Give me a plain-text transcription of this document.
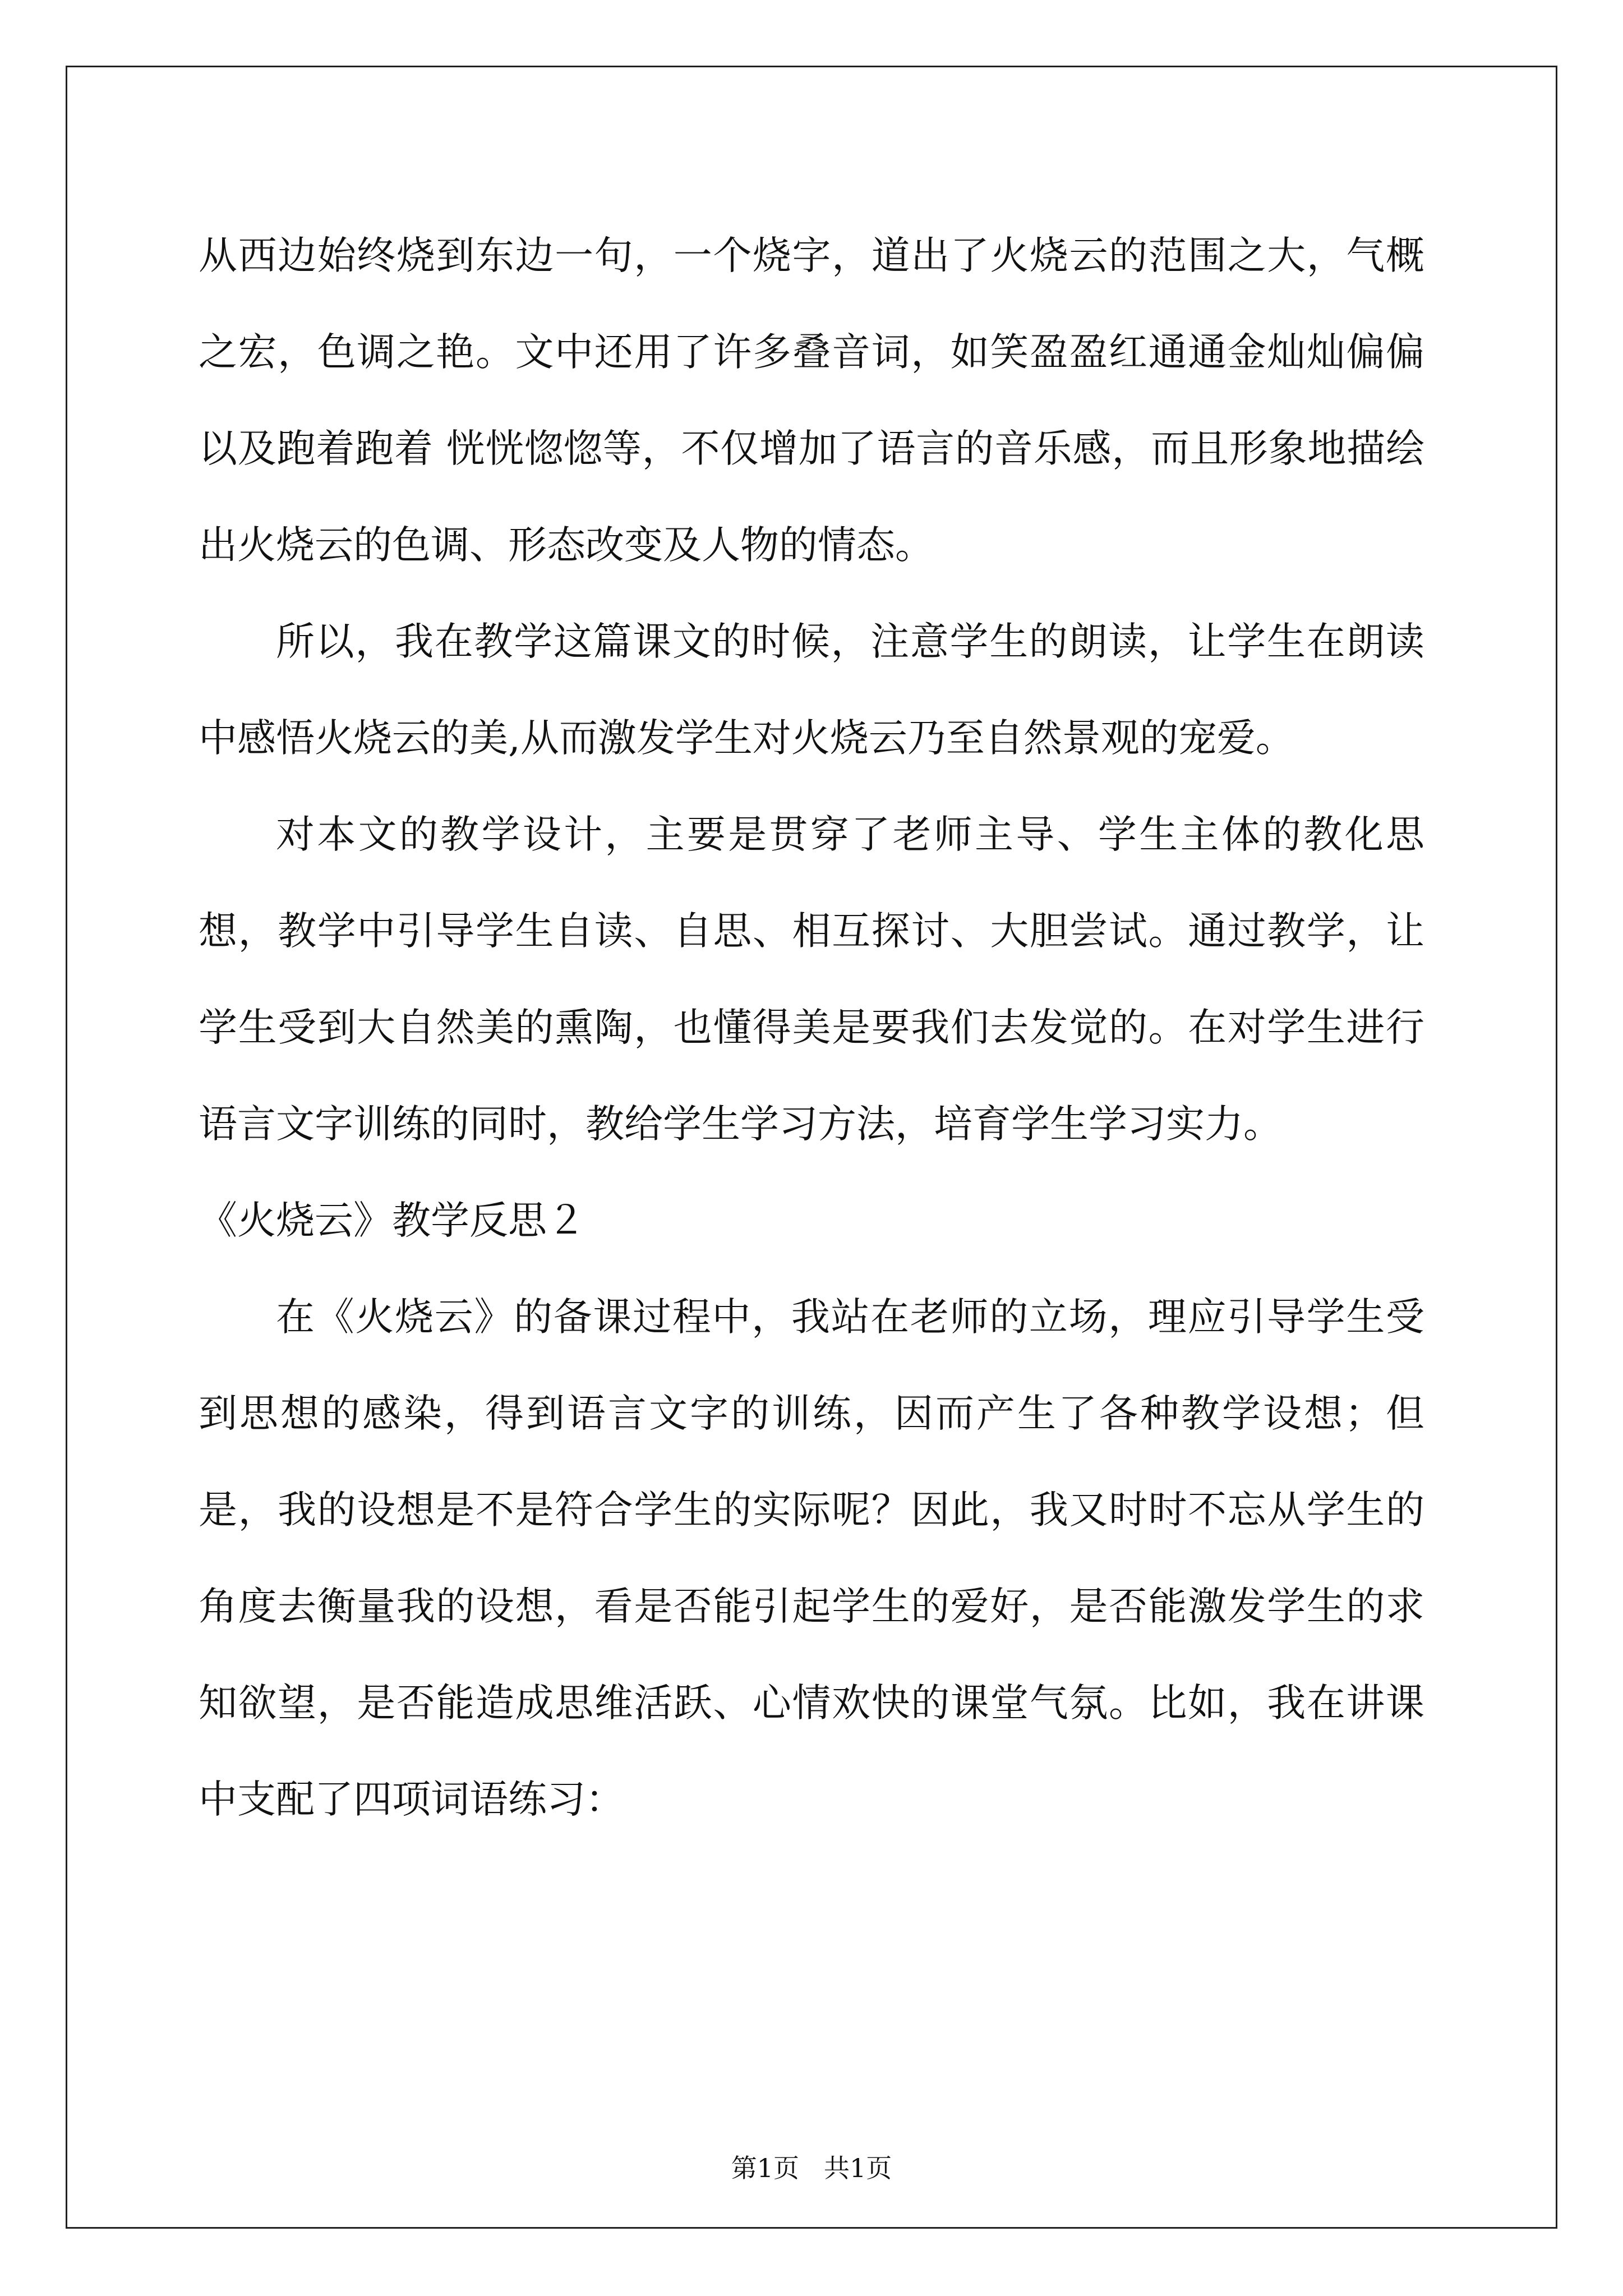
从西边始终烧到东边一句，一个烧字，道出了火烧云的范围之大，气概之宏，色调之艳。文中还用了许多叠音词，如笑盈盈红通通金灿灿偏偏以及跑着跑着 恍恍惚惚等，不仅增加了语言的音乐感，而且形象地描绘出火烧云的色调、形态改变及人物的情态。

所以，我在教学这篇课文的时候，注意学生的朗读，让学生在朗读中感悟火烧云的美,从而激发学生对火烧云乃至自然景观的宠爱。

对本文的教学设计，主要是贯穿了老师主导、学生主体的教化思想，教学中引导学生自读、自思、相互探讨、大胆尝试。通过教学，让学生受到大自然美的熏陶，也懂得美是要我们去发觉的。在对学生进行语言文字训练的同时，教给学生学习方法，培育学生学习实力。

《火烧云》教学反思２

在《火烧云》的备课过程中，我站在老师的立场，理应引导学生受到思想的感染，得到语言文字的训练，因而产生了各种教学设想；但是，我的设想是不是符合学生的实际呢？因此，我又时时不忘从学生的角度去衡量我的设想，看是否能引起学生的爱好，是否能激发学生的求知欲望，是否能造成思维活跃、心情欢快的课堂气氛。比如，我在讲课中支配了四项词语练习：

第1页 共1页
